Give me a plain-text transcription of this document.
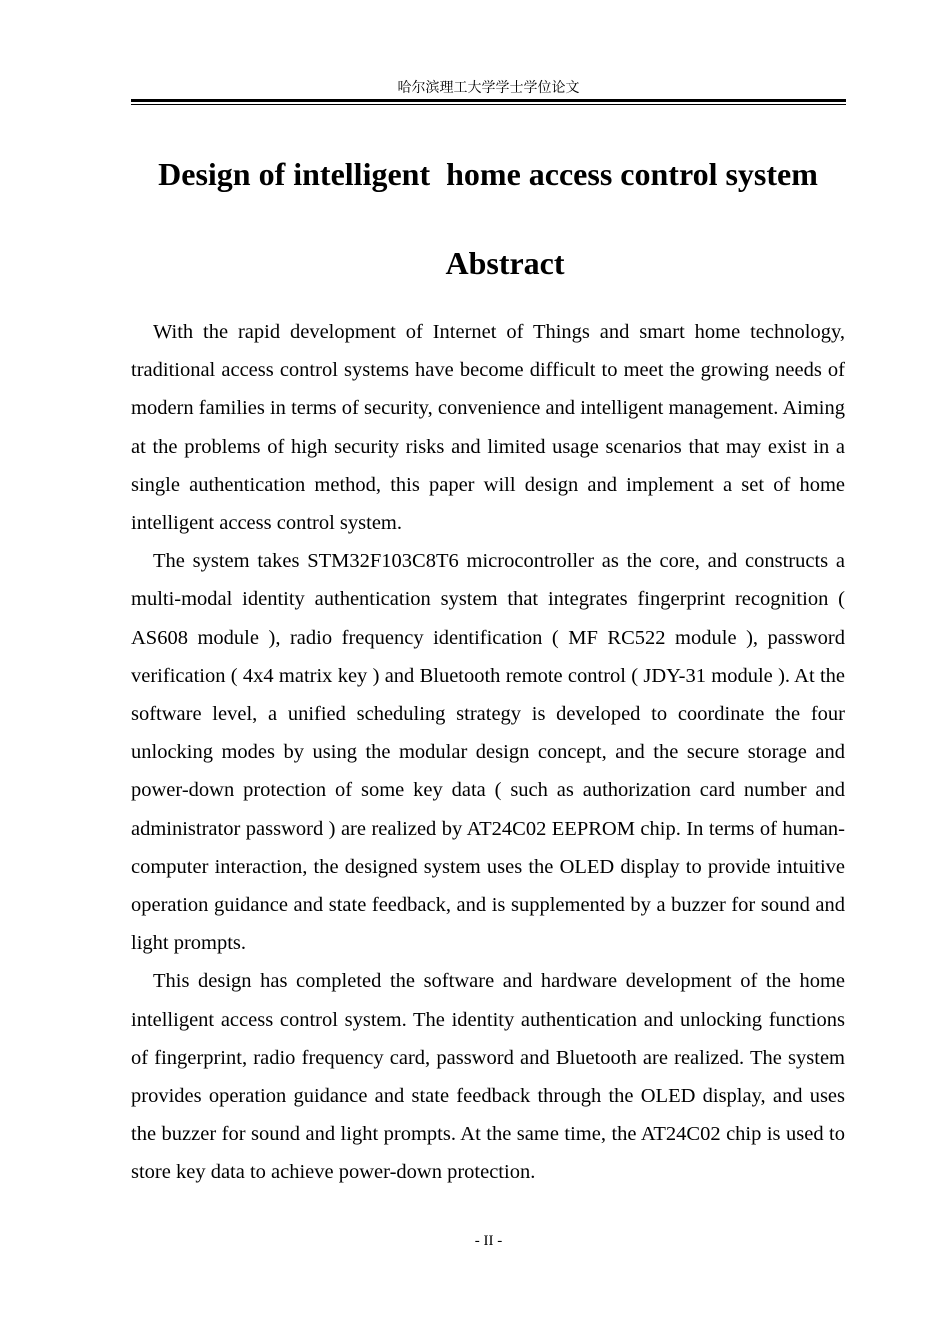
哈尔滨理工大学学士学位论文
Design of intelligent  home access control system
Abstract

With the rapid development of Internet of Things and smart home technology, traditional access control systems have become difficult to meet the growing needs of modern families in terms of security, convenience and intelligent management. Aiming at the problems of high security risks and limited usage scenarios that may exist in a single authentication method, this paper will design and implement a set of home intelligent access control system.

The system takes STM32F103C8T6 microcontroller as the core, and constructs a multi-modal identity authentication system that integrates fingerprint recognition ( AS608 module ), radio frequency identification ( MF RC522 module ), password verification ( 4x4 matrix key ) and Bluetooth remote control ( JDY-31 module ). At the software level, a unified scheduling strategy is developed to coordinate the four unlocking modes by using the modular design concept, and the secure storage and power-down protection of some key data ( such as authorization card number and administrator password ) are realized by AT24C02 EEPROM chip. In terms of human-computer interaction, the designed system uses the OLED display to provide intuitive operation guidance and state feedback, and is supplemented by a buzzer for sound and light prompts.

This design has completed the software and hardware development of the home intelligent access control system. The identity authentication and unlocking functions of fingerprint, radio frequency card, password and Bluetooth are realized. The system provides operation guidance and state feedback through the OLED display, and uses the buzzer for sound and light prompts. At the same time, the AT24C02 chip is used to store key data to achieve power-down protection.

- II -
